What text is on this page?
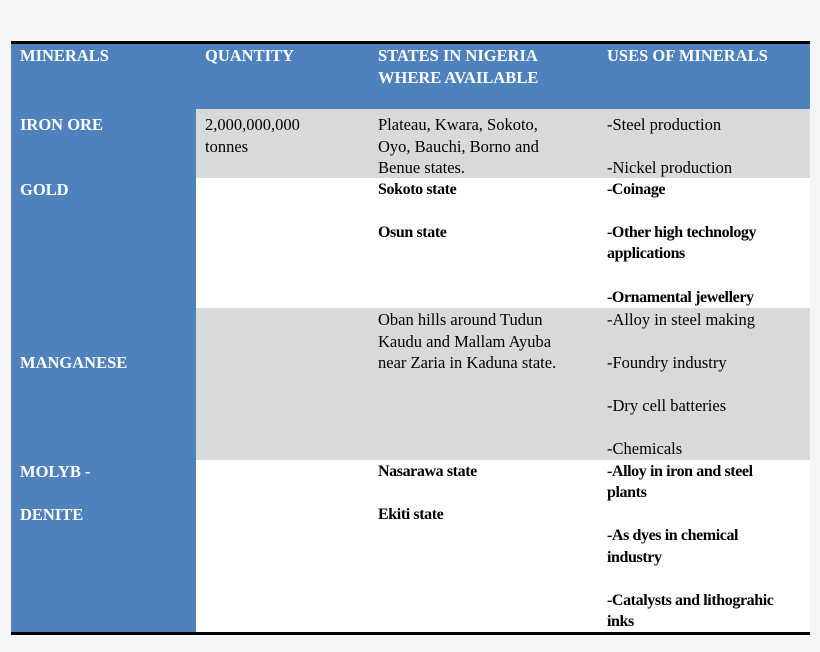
MINERALS	QUANTITY	STATES IN NIGERIA
WHERE AVAILABLE
USES OF MINERALS
IRON ORE
GOLD
MANGANESE
MOLYB -
DENITE
2,000,000,000
tonnes
Plateau, Kwara, Sokoto,
Oyo, Bauchi, Borno and
Benue states.
-Steel production
-Nickel production
Sokoto state
Osun state
-Coinage
-Other high technology
applications
-Ornamental jewellery
Oban hills around Tudun
Kaudu and Mallam Ayuba
near Zaria in Kaduna state.
-Alloy in steel making
-Foundry industry
-Dry cell batteries
-Chemicals
Nasarawa state
Ekiti state
-Alloy in iron and steel
plants
-As dyes in chemical
industry
-Catalysts and lithograhic
inks
